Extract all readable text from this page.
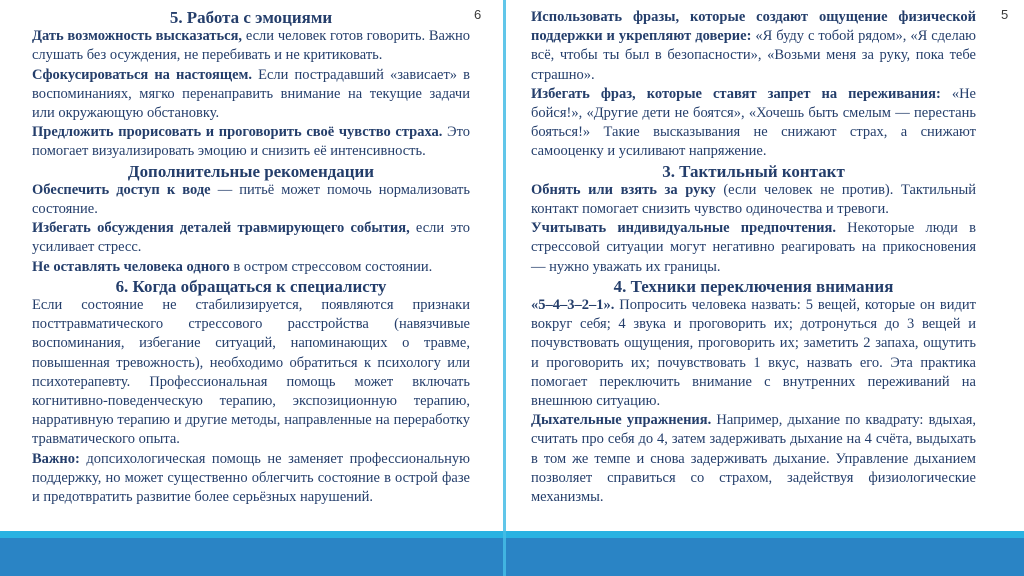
5. Работа с эмоциями

Дать возможность высказаться, если человек готов говорить. Важно слушать без осуждения, не перебивать и не критиковать.

Сфокусироваться на настоящем. Если пострадавший «зависает» в воспоминаниях, мягко перенаправить внимание на текущие задачи или окружающую обстановку.

Предложить прорисовать и проговорить своё чувство страха. Это помогает визуализировать эмоцию и снизить её интенсивность.

Дополнительные рекомендации

Обеспечить доступ к воде — питьё может помочь нормализовать состояние.

Избегать обсуждения деталей травмирующего события, если это усиливает стресс.

Не оставлять человека одного в остром стрессовом состоянии.

6. Когда обращаться к специалисту

Если состояние не стабилизируется, появляются признаки посттравматического стрессового расстройства (навязчивые воспоминания, избегание ситуаций, напоминающих о травме, повышенная тревожность), необходимо обратиться к психологу или психотерапевту. Профессиональная помощь может включать когнитивно-поведенческую терапию, экспозиционную терапию, нарративную терапию и другие методы, направленные на переработку травматического опыта.

Важно: допсихологическая помощь не заменяет профессиональную поддержку, но может существенно облегчить состояние в острой фазе и предотвратить развитие более серьёзных нарушений.

6	Использовать фразы, которые создают ощущение физической поддержки и укрепляют доверие: «Я буду с тобой рядом», «Я сделаю всё, чтобы ты был в безопасности», «Возьми меня за руку, пока тебе страшно».

Избегать фраз, которые ставят запрет на переживания: «Не бойся!», «Другие дети не боятся», «Хочешь быть смелым — перестань бояться!» Такие высказывания не снижают страх, а снижают самооценку и усиливают напряжение.

3. Тактильный контакт

Обнять или взять за руку (если человек не против). Тактильный контакт помогает снизить чувство одиночества и тревоги.

Учитывать индивидуальные предпочтения. Некоторые люди в стрессовой ситуации могут негативно реагировать на прикосновения — нужно уважать их границы.

4. Техники переключения внимания

«5–4–3–2–1». Попросить человека назвать: 5 вещей, которые он видит вокруг себя; 4 звука и проговорить их; дотронуться до 3 вещей и почувствовать ощущения, проговорить их; заметить 2 запаха, ощутить и проговорить их; почувствовать 1 вкус, назвать его. Эта практика помогает переключить внимание с внутренних переживаний на внешнюю ситуацию.

Дыхательные упражнения. Например, дыхание по квадрату: вдыхая, считать про себя до 4, затем задерживать дыхание на 4 счёта, выдыхать в том же темпе и снова задерживать дыхание. Управление дыханием позволяет справиться со страхом, задействуя физиологические механизмы.

5
